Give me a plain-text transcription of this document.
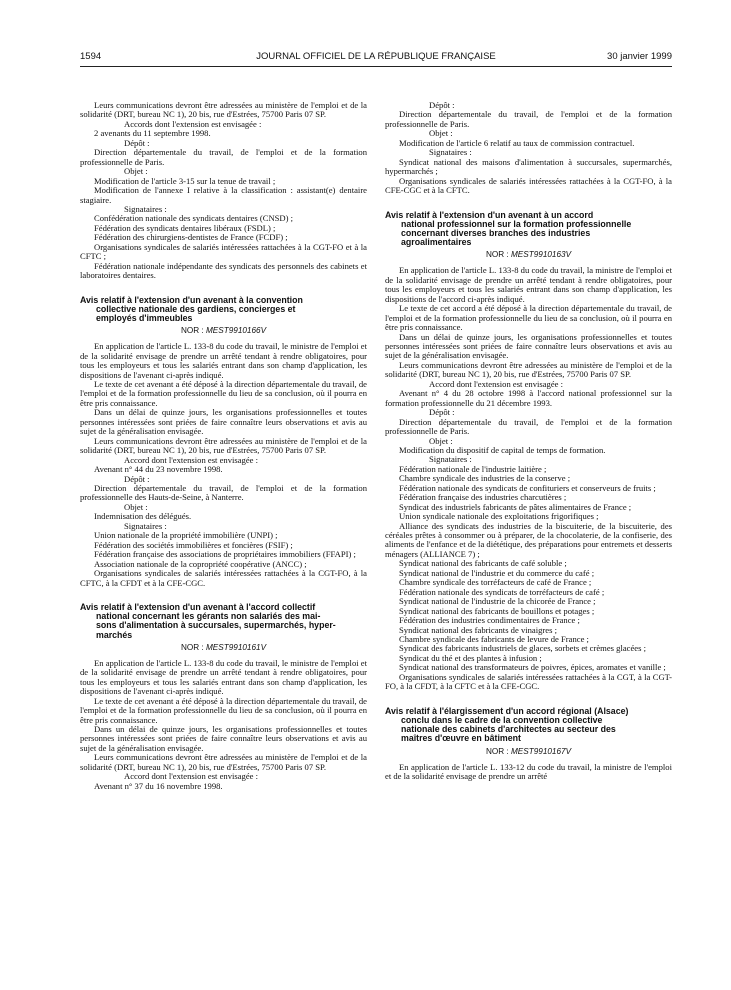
1594	JOURNAL OFFICIEL DE LA RÉPUBLIQUE FRANÇAISE	30 janvier 1999

Leurs communications devront être adressées au ministère de l'emploi et de la solidarité (DRT, bureau NC 1), 20 bis, rue d'Estrées, 75700 Paris 07 SP.

Accords dont l'extension est envisagée :

2 avenants du 11 septembre 1998.

Dépôt :

Direction départementale du travail, de l'emploi et de la formation professionnelle de Paris.

Objet :

Modification de l'article 3-15 sur la tenue de travail ;

Modification de l'annexe I relative à la classification : assistant(e) dentaire stagiaire.

Signataires :

Confédération nationale des syndicats dentaires (CNSD) ;

Fédération des syndicats dentaires libéraux (FSDL) ;

Fédération des chirurgiens-dentistes de France (FCDF) ;

Organisations syndicales de salariés intéressées rattachées à la CGT-FO et à la CFTC ;

Fédération nationale indépendante des syndicats des personnels des cabinets et laboratoires dentaires.

Avis relatif à l'extension d'un avenant à la convention
collective nationale des gardiens, concierges et
employés d'immeubles
NOR : MESТ9910166V

En application de l'article L. 133-8 du code du travail, le ministre de l'emploi et de la solidarité envisage de prendre un arrêté tendant à rendre obligatoires, pour tous les employeurs et tous les salariés entrant dans son champ d'application, les dispositions de l'avenant ci-après indiqué.

Le texte de cet avenant a été déposé à la direction départementale du travail, de l'emploi et de la formation professionnelle du lieu de sa conclusion, où il pourra en être pris connaissance.

Dans un délai de quinze jours, les organisations professionnelles et toutes personnes intéressées sont priées de faire connaître leurs observations et avis au sujet de la généralisation envisagée.

Leurs communications devront être adressées au ministère de l'emploi et de la solidarité (DRT, bureau NC 1), 20 bis, rue d'Estrées, 75700 Paris 07 SP.

Accord dont l'extension est envisagée :

Avenant n° 44 du 23 novembre 1998.

Dépôt :

Direction départementale du travail, de l'emploi et de la formation professionnelle des Hauts-de-Seine, à Nanterre.

Objet :

Indemnisation des délégués.

Signataires :

Union nationale de la propriété immobilière (UNPI) ;

Fédération des sociétés immobilières et foncières (FSIF) ;

Fédération française des associations de propriétaires immobiliers (FFAPI) ;

Association nationale de la copropriété coopérative (ANCC) ;

Organisations syndicales de salariés intéressées rattachées à la CGT-FO, à la CFTC, à la CFDT et à la CFE-CGC.

Avis relatif à l'extension d'un avenant à l'accord collectif
national concernant les gérants non salariés des mai-
sons d'alimentation à succursales, supermarchés, hyper-
marchés
NOR : MEST9910161V

En application de l'article L. 133-8 du code du travail, le ministre de l'emploi et de la solidarité envisage de prendre un arrêté tendant à rendre obligatoires, pour tous les employeurs et tous les salariés entrant dans son champ d'application, les dispositions de l'avenant ci-après indiqué.

Le texte de cet avenant a été déposé à la direction départementale du travail, de l'emploi et de la formation professionnelle du lieu de sa conclusion, où il pourra en être pris connaissance.

Dans un délai de quinze jours, les organisations professionnelles et toutes personnes intéressées sont priées de faire connaître leurs observations et avis au sujet de la généralisation envisagée.

Leurs communications devront être adressées au ministère de l'emploi et de la solidarité (DRT, bureau NC 1), 20 bis, rue d'Estrées, 75700 Paris 07 SP.

Accord dont l'extension est envisagée :

Avenant n° 37 du 16 novembre 1998.

Dépôt :

Direction départementale du travail, de l'emploi et de la formation professionnelle de Paris.

Objet :

Modification de l'article 6 relatif au taux de commission contractuel.

Signataires :

Syndicat national des maisons d'alimentation à succursales, supermarchés, hypermarchés ;

Organisations syndicales de salariés intéressées rattachées à la CGT-FO, à la CFE-CGC et à la CFTC.

Avis relatif à l'extension d'un avenant à un accord
national professionnel sur la formation professionnelle
concernant diverses branches des industries
agroalimentaires
NOR : MEST9910163V

En application de l'article L. 133-8 du code du travail, la ministre de l'emploi et de la solidarité envisage de prendre un arrêté tendant à rendre obligatoires, pour tous les employeurs et tous les salariés entrant dans son champ d'application, les dispositions de l'accord ci-après indiqué.

Le texte de cet accord a été déposé à la direction départementale du travail, de l'emploi et de la formation professionnelle du lieu de sa conclusion, où il pourra en être pris connaissance.

Dans un délai de quinze jours, les organisations professionnelles et toutes personnes intéressées sont priées de faire connaître leurs observations et avis au sujet de la généralisation envisagée.

Leurs communications devront être adressées au ministère de l'emploi et de la solidarité (DRT, bureau NC 1), 20 bis, rue d'Estrées, 75700 Paris 07 SP.

Accord dont l'extension est envisagée :

Avenant n° 4 du 28 octobre 1998 à l'accord national professionnel sur la formation professionnelle du 21 décembre 1993.

Dépôt :

Direction départementale du travail, de l'emploi et de la formation professionnelle de Paris.

Objet :

Modification du dispositif de capital de temps de formation.

Signataires :

Fédération nationale de l'industrie laitière ;

Chambre syndicale des industries de la conserve ;

Fédération nationale des syndicats de confituriers et conserveurs de fruits ;

Fédération française des industries charcutières ;

Syndicat des industriels fabricants de pâtes alimentaires de France ;

Union syndicale nationale des exploitations frigorifiques ;

Alliance des syndicats des industries de la biscuiterie, de la biscuiterie, des céréales prêtes à consommer ou à préparer, de la chocolaterie, de la confiserie, des aliments de l'enfance et de la diététique, des préparations pour entremets et desserts ménagers (ALLIANCE 7) ;

Syndicat national des fabricants de café soluble ;

Syndicat national de l'industrie et du commerce du café ;

Chambre syndicale des torréfacteurs de café de France ;

Fédération nationale des syndicats de torréfacteurs de café ;

Syndicat national de l'industrie de la chicorée de France ;

Syndicat national des fabricants de bouillons et potages ;

Fédération des industries condimentaires de France ;

Syndicat national des fabricants de vinaigres ;

Chambre syndicale des fabricants de levure de France ;

Syndicat des fabricants industriels de glaces, sorbets et crèmes glacées ;

Syndicat du thé et des plantes à infusion ;

Syndicat national des transformateurs de poivres, épices, aromates et vanille ;

Organisations syndicales de salariés intéressées rattachées à la CGT, à la CGT-FO, à la CFDT, à la CFTC et à la CFE-CGC.

Avis relatif à l'élargissement d'un accord régional (Alsace)
conclu dans le cadre de la convention collective
nationale des cabinets d'architectes au secteur des
maîtres d'œuvre en bâtiment
NOR : MEST9910167V

En application de l'article L. 133-12 du code du travail, la ministre de l'emploi et de la solidarité envisage de prendre un arrêté
